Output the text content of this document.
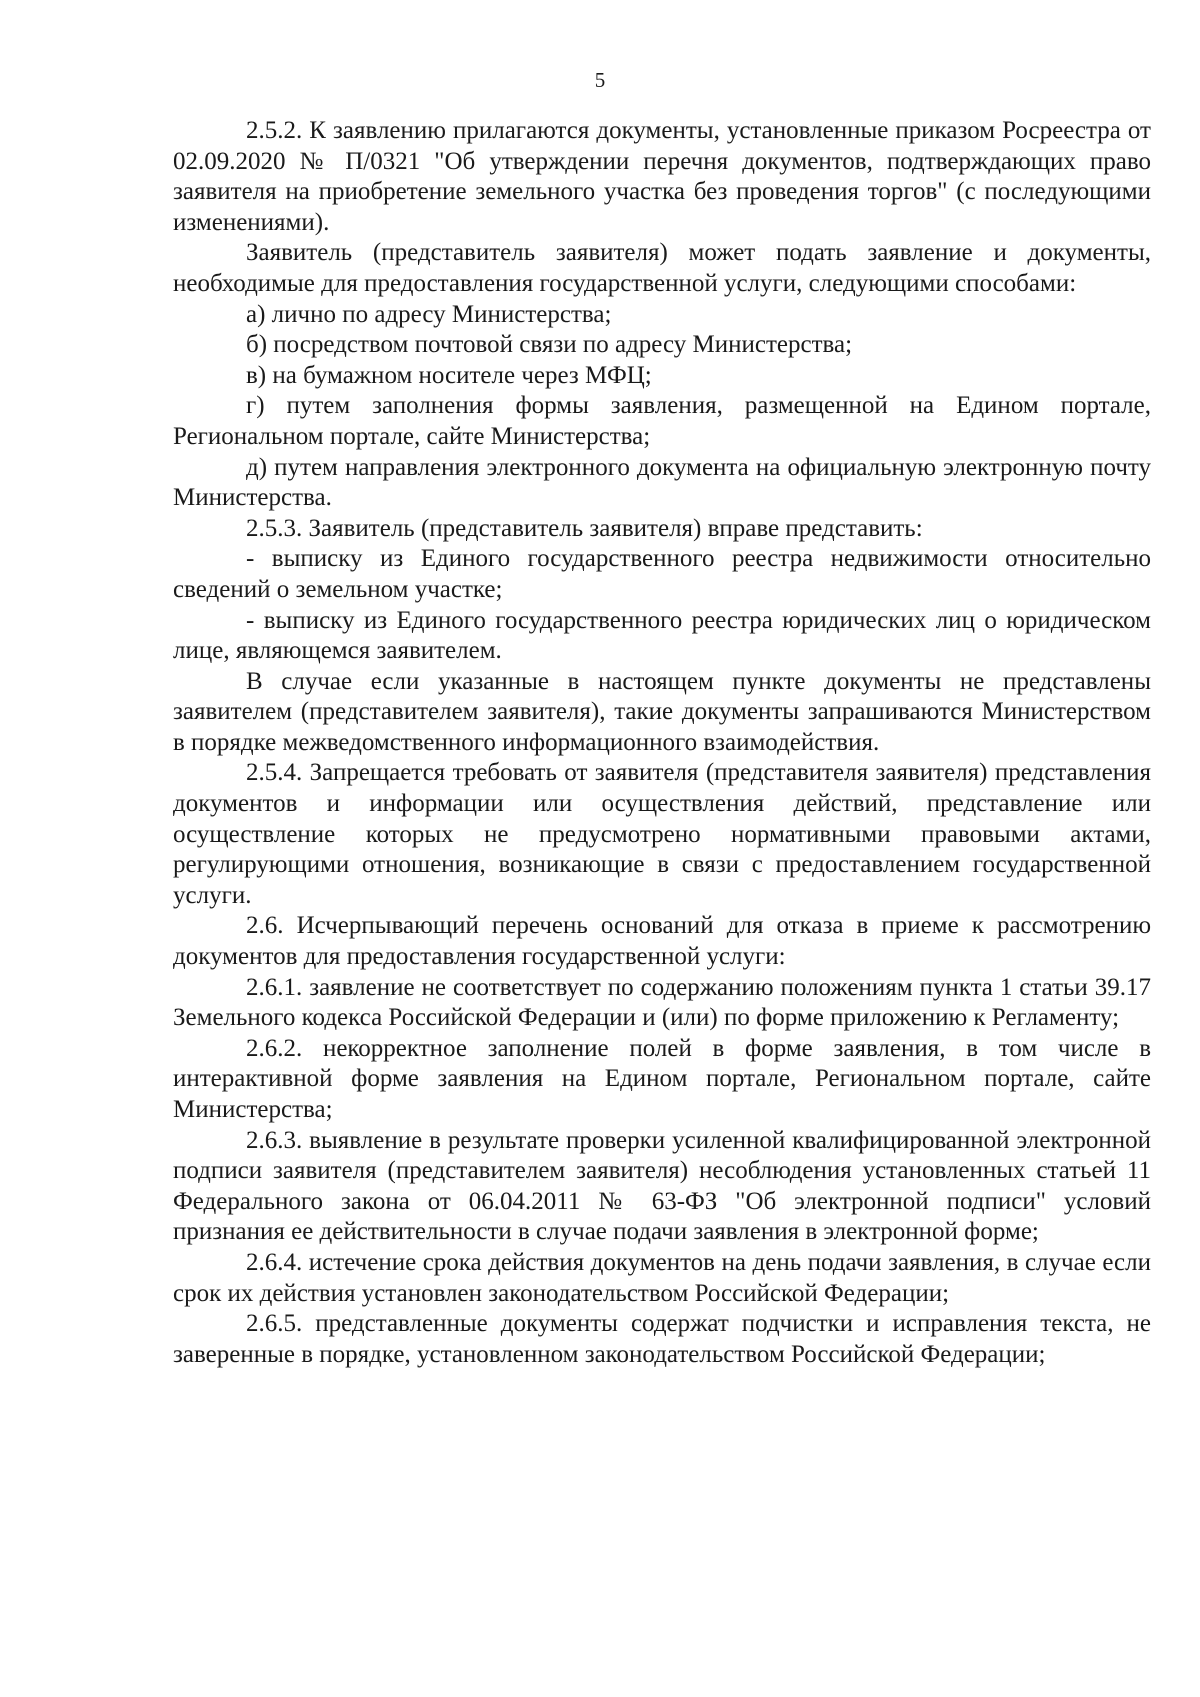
5

2.5.2. К заявлению прилагаются документы, установленные приказом Росреестра от 02.09.2020 № П/0321 "Об утверждении перечня документов, подтверждающих право заявителя на приобретение земельного участка без проведения торгов" (с последующими изменениями).

Заявитель (представитель заявителя) может подать заявление и документы, необходимые для предоставления государственной услуги, следующими способами:

а) лично по адресу Министерства;

б) посредством почтовой связи по адресу Министерства;

в) на бумажном носителе через МФЦ;

г) путем заполнения формы заявления, размещенной на Едином портале, Региональном портале, сайте Министерства;

д) путем направления электронного документа на официальную электронную почту Министерства.

2.5.3. Заявитель (представитель заявителя) вправе представить:

- выписку из Единого государственного реестра недвижимости относительно сведений о земельном участке;

- выписку из Единого государственного реестра юридических лиц о юридическом лице, являющемся заявителем.

В случае если указанные в настоящем пункте документы не представлены заявителем (представителем заявителя), такие документы запрашиваются Министерством в порядке межведомственного информационного взаимодействия.

2.5.4. Запрещается требовать от заявителя (представителя заявителя) представления документов и информации или осуществления действий, представление или осуществление которых не предусмотрено нормативными правовыми актами, регулирующими отношения, возникающие в связи с предоставлением государственной услуги.

2.6. Исчерпывающий перечень оснований для отказа в приеме к рассмотрению документов для предоставления государственной услуги:

2.6.1. заявление не соответствует по содержанию положениям пункта 1 статьи 39.17 Земельного кодекса Российской Федерации и (или) по форме приложению к Регламенту;

2.6.2. некорректное заполнение полей в форме заявления, в том числе в интерактивной форме заявления на Едином портале, Региональном портале, сайте Министерства;

2.6.3. выявление в результате проверки усиленной квалифицированной электронной подписи заявителя (представителем заявителя) несоблюдения установленных статьей 11 Федерального закона от 06.04.2011 № 63-ФЗ "Об электронной подписи" условий признания ее действительности в случае подачи заявления в электронной форме;

2.6.4. истечение срока действия документов на день подачи заявления, в случае если срок их действия установлен законодательством Российской Федерации;

2.6.5. представленные документы содержат подчистки и исправления текста, не заверенные в порядке, установленном законодательством Российской Федерации;
